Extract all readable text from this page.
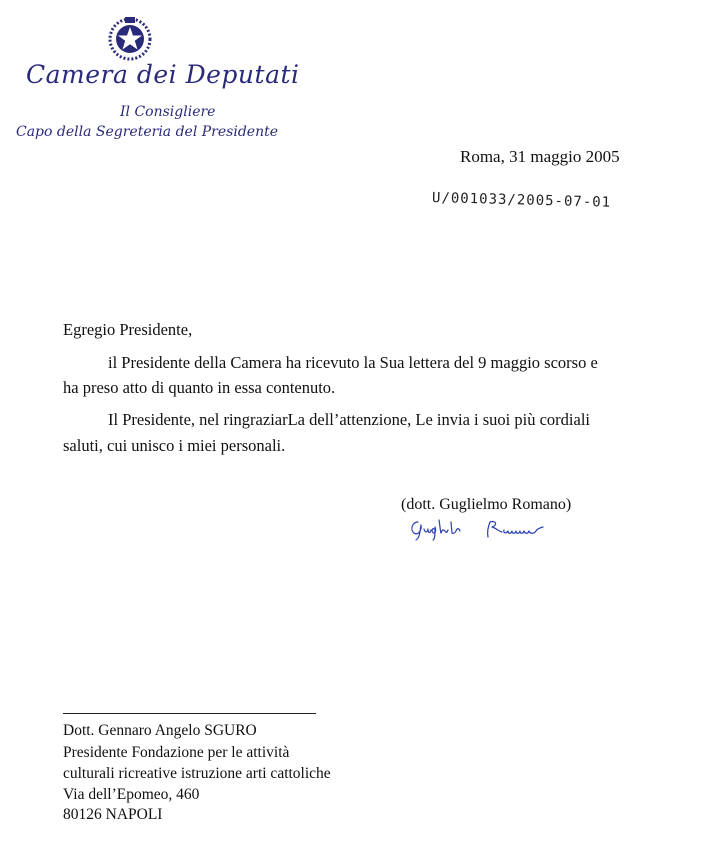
Camera dei Deputati
Il Consigliere
Capo della Segreteria del Presidente
Roma, 31 maggio 2005
U/001033/2005-07-01
Egregio Presidente,
il Presidente della Camera ha ricevuto la Sua lettera del 9 maggio scorso e
ha preso atto di quanto in essa contenuto.
Il Presidente, nel ringraziarLa dell’attenzione, Le invia i suoi più cordiali
saluti, cui unisco i miei personali.
(dott. Guglielmo Romano)
Dott. Gennaro Angelo SGURO
Presidente Fondazione per le attività
culturali ricreative istruzione arti cattoliche
Via dell’Epomeo, 460
80126 NAPOLI
